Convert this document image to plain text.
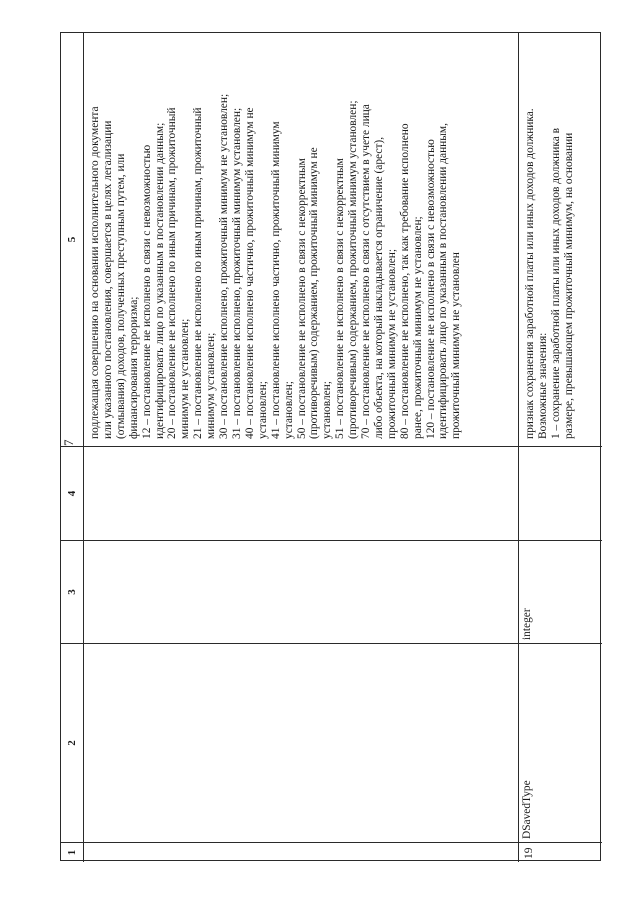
7
1
2
3
4
5 подлежащая совершению на основании исполнительного документа или указанного постановления, совершается в целях легализации (отмывания) доходов, полученных преступным путем, или финансирования терроризма; 12 – постановление не исполнено в связи с невозможностью идентифицировать лицо по указанным в постановлении данным; 20 – постановление не исполнено по иным причинам, прожиточный минимум не установлен; 21 – постановление не исполнено по иным причинам, прожиточный минимум установлен; 30 – постановление исполнено, прожиточный минимум не установлен; 31 – постановление исполнено, прожиточный минимум установлен; 40 – постановление исполнено частично, прожиточный минимум не установлен; 41 – постановление исполнено частично, прожиточный минимум установлен; 50 – постановление не исполнено в связи с некорректным (противоречивым) содержанием, прожиточный минимум не установлен; 51 – постановление не исполнено в связи с некорректным (противоречивым) содержанием, прожиточный минимум установлен; 70 – постановление не исполнено в связи с отсутствием в учете лица либо объекта, на который накладывается ограничение (арест), прожиточный минимум не установлен; 80 – постановление не исполнено, так как требование исполнено ранее, прожиточный минимум не установлен; 120 – постановление не исполнено в связи с невозможностью идентифицировать лицо по указанным в постановлении данным, прожиточный минимум не установлен
19
DSavedType
integer
признак сохранения заработной платы или иных доходов должника. Возможные значения: 1 – сохранение заработной платы или иных доходов должника в размере, превышающем прожиточный минимум, на основании
